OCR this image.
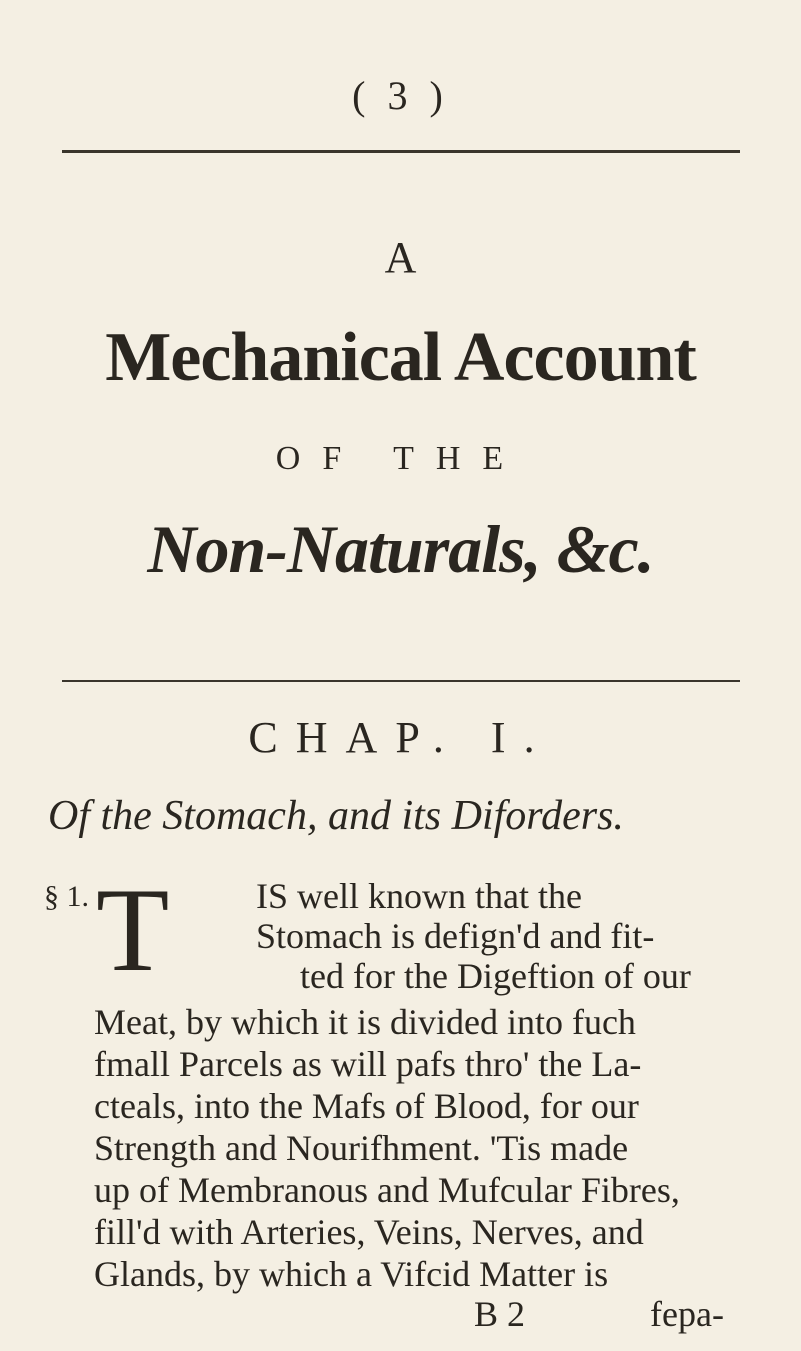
( 3 )
A
Mechanical Account
OF THE
Non-Naturals, &c.
CHAP. I.
Of the Stomach, and its Diforders.
§ 1. T IS well known that the
Stomach is defign'd and fit-
ted for the Digeftion of our
Meat, by which it is divided into fuch
fmall Parcels as will pafs thro' the La-
cteals, into the Mafs of Blood, for our
Strength and Nourifhment. 'Tis made
up of Membranous and Mufcular Fibres,
fill'd with Arteries, Veins, Nerves, and
Glands, by which a Vifcid Matter is
B 2	fepa-
